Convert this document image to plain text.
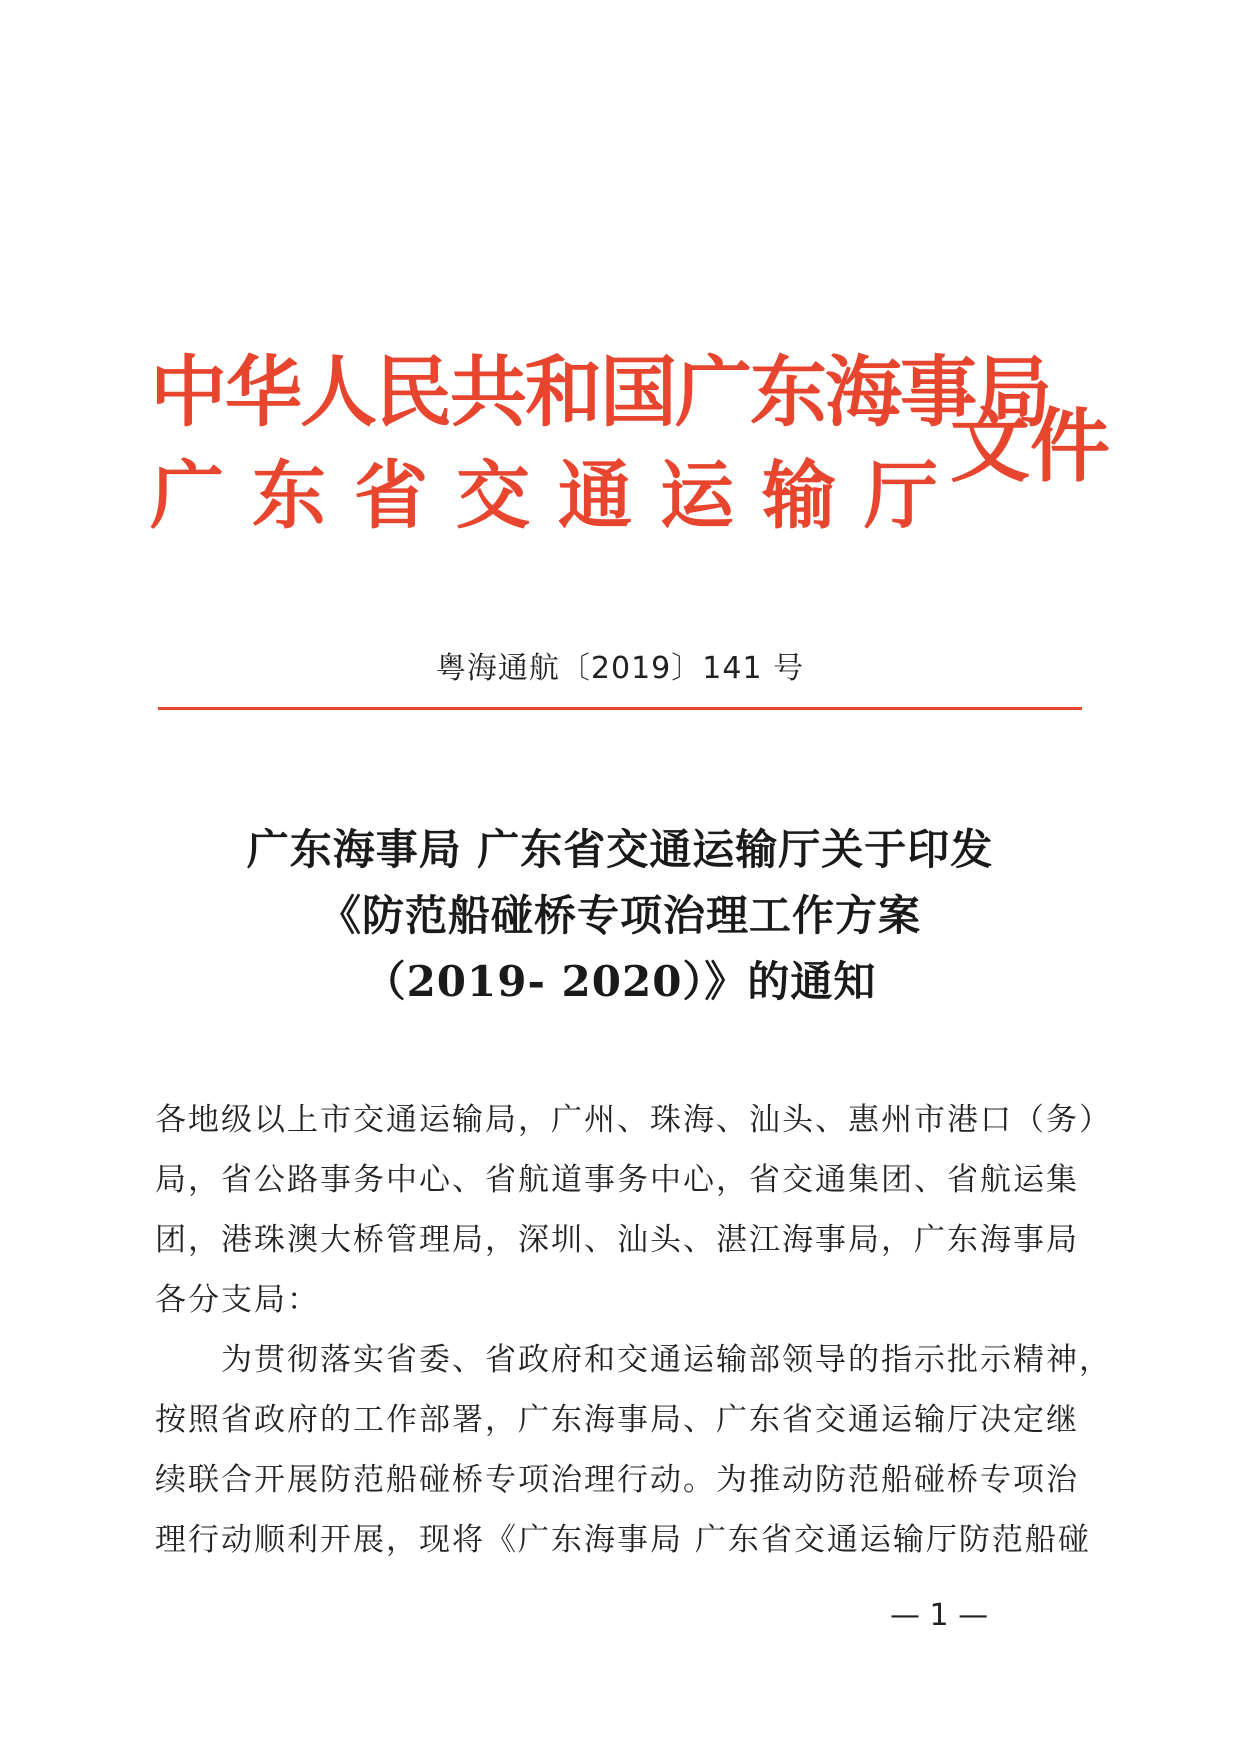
中华人民共和国广东海事局
广东省交通运输厅
文件
粤海通航〔2019〕141 号
广东海事局 广东省交通运输厅关于印发
《防范船碰桥专项治理工作方案
（2019- 2020）》的通知
各地级以上市交通运输局，广州、珠海、汕头、惠州市港口（务）
局，省公路事务中心、省航道事务中心，省交通集团、省航运集
团，港珠澳大桥管理局，深圳、汕头、湛江海事局，广东海事局
各分支局：
为贯彻落实省委、省政府和交通运输部领导的指示批示精神，
按照省政府的工作部署，广东海事局、广东省交通运输厅决定继
续联合开展防范船碰桥专项治理行动。为推动防范船碰桥专项治
理行动顺利开展，现将《广东海事局 广东省交通运输厅防范船碰
— 1 —
